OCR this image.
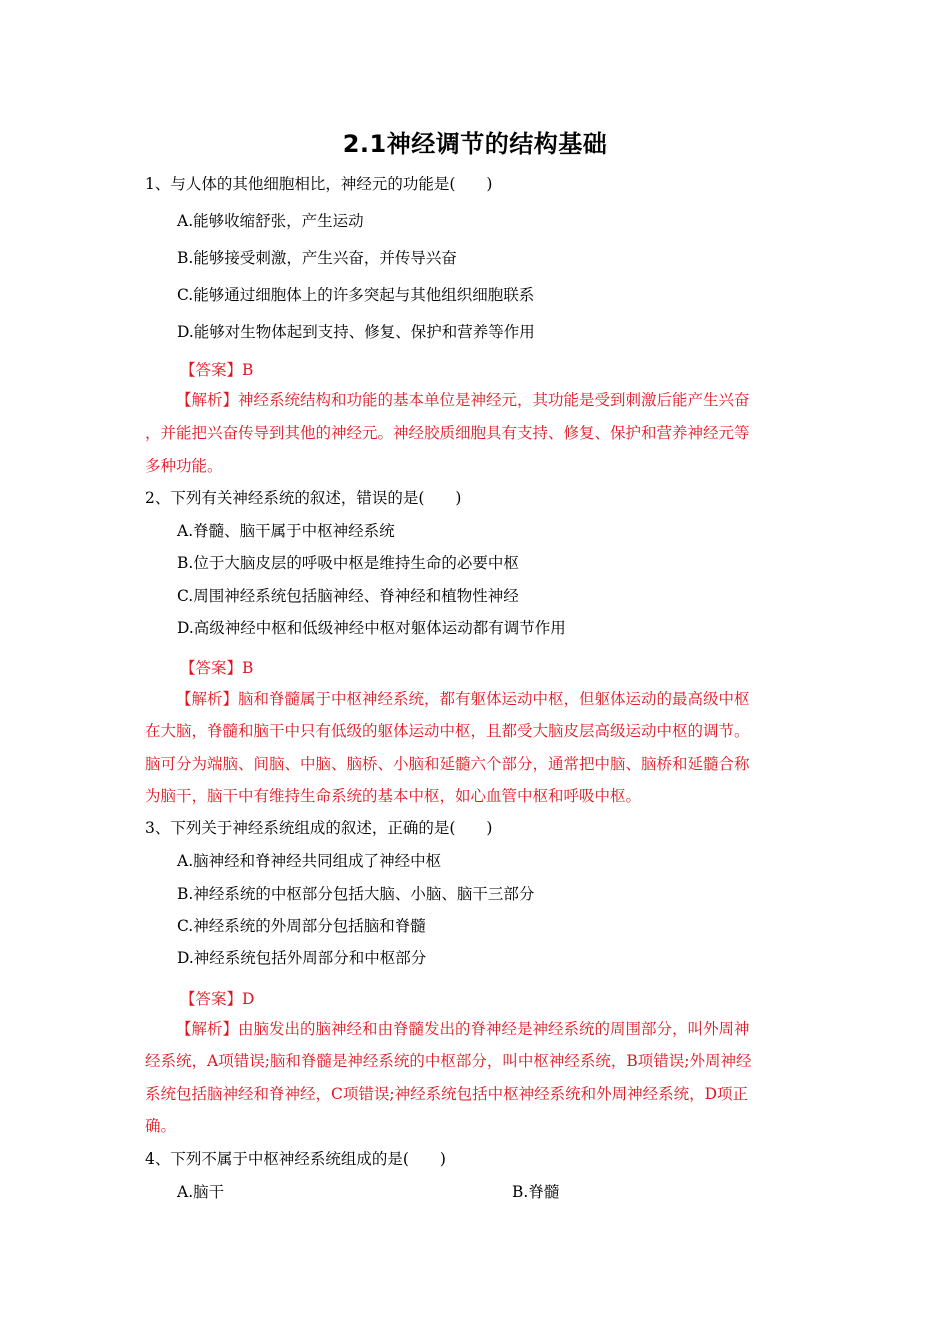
2.1神经调节的结构基础
1、与人体的其他细胞相比，神经元的功能是(　　)
A.能够收缩舒张，产生运动
B.能够接受刺激，产生兴奋，并传导兴奋
C.能够通过细胞体上的许多突起与其他组织细胞联系
D.能够对生物体起到支持、修复、保护和营养等作用
【答案】B
【解析】神经系统结构和功能的基本单位是神经元，其功能是受到刺激后能产生兴奋
，并能把兴奋传导到其他的神经元。神经胶质细胞具有支持、修复、保护和营养神经元等
多种功能。
2、下列有关神经系统的叙述，错误的是(　　)
A.脊髓、脑干属于中枢神经系统
B.位于大脑皮层的呼吸中枢是维持生命的必要中枢
C.周围神经系统包括脑神经、脊神经和植物性神经
D.高级神经中枢和低级神经中枢对躯体运动都有调节作用
【答案】B
【解析】脑和脊髓属于中枢神经系统，都有躯体运动中枢，但躯体运动的最高级中枢
在大脑，脊髓和脑干中只有低级的躯体运动中枢，且都受大脑皮层高级运动中枢的调节。
脑可分为端脑、间脑、中脑、脑桥、小脑和延髓六个部分，通常把中脑、脑桥和延髓合称
为脑干，脑干中有维持生命系统的基本中枢，如心血管中枢和呼吸中枢。
3、下列关于神经系统组成的叙述，正确的是(　　)
A.脑神经和脊神经共同组成了神经中枢
B.神经系统的中枢部分包括大脑、小脑、脑干三部分
C.神经系统的外周部分包括脑和脊髓
D.神经系统包括外周部分和中枢部分
【答案】D
【解析】由脑发出的脑神经和由脊髓发出的脊神经是神经系统的周围部分，叫外周神
经系统，A项错误;脑和脊髓是神经系统的中枢部分，叫中枢神经系统，B项错误;外周神经
系统包括脑神经和脊神经，C项错误;神经系统包括中枢神经系统和外周神经系统，D项正
确。
4、下列不属于中枢神经系统组成的是(　　)
A.脑干	B.脊髓
